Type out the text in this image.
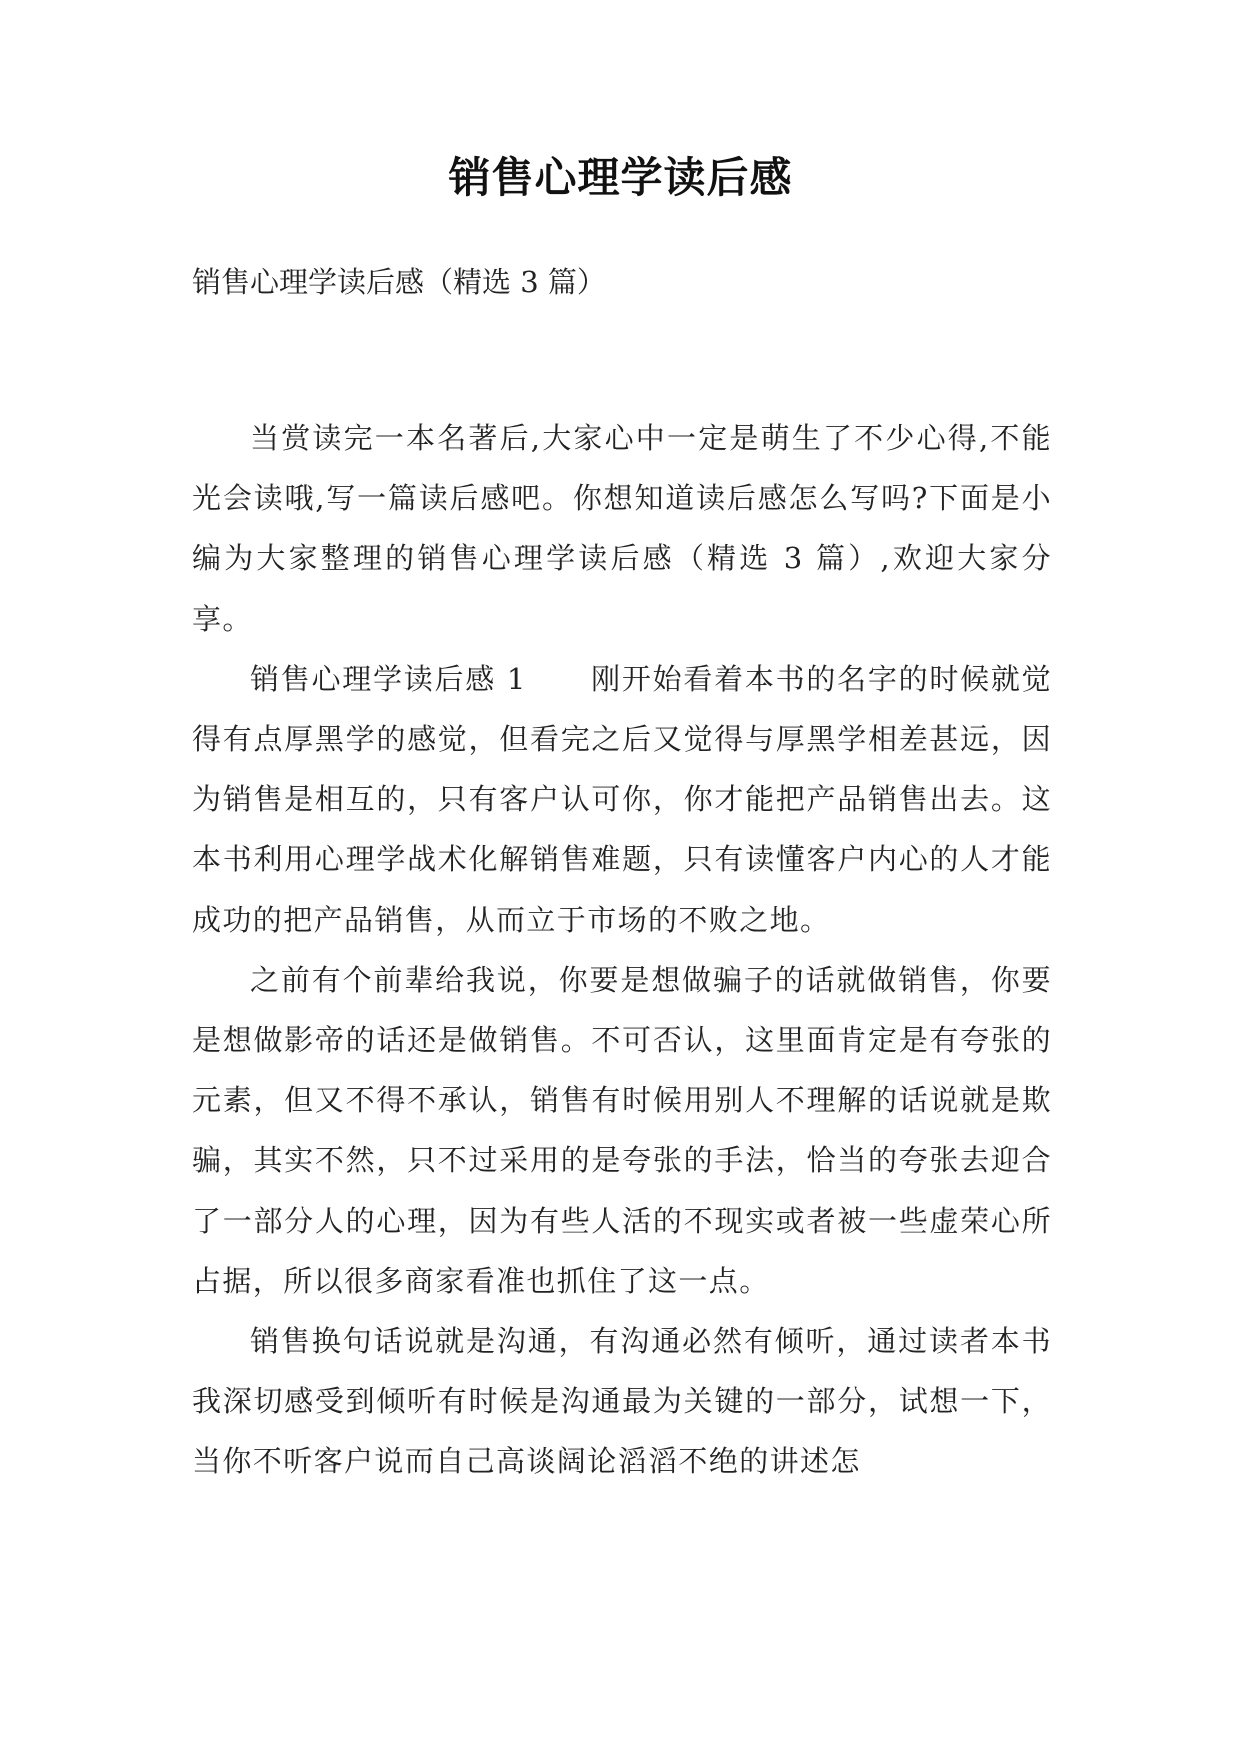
销售心理学读后感
销售心理学读后感（精选 3 篇）

当赏读完一本名著后,大家心中一定是萌生了不少心得,不能光会读哦,写一篇读后感吧。你想知道读后感怎么写吗?下面是小编为大家整理的销售心理学读后感（精选 3 篇）,欢迎大家分享。

销售心理学读后感 1 刚开始看着本书的名字的时候就觉得有点厚黑学的感觉，但看完之后又觉得与厚黑学相差甚远，因为销售是相互的，只有客户认可你，你才能把产品销售出去。这本书利用心理学战术化解销售难题，只有读懂客户内心的人才能成功的把产品销售，从而立于市场的不败之地。

之前有个前辈给我说，你要是想做骗子的话就做销售，你要是想做影帝的话还是做销售。不可否认，这里面肯定是有夸张的元素，但又不得不承认，销售有时候用别人不理解的话说就是欺骗，其实不然，只不过采用的是夸张的手法，恰当的夸张去迎合了一部分人的心理，因为有些人活的不现实或者被一些虚荣心所占据，所以很多商家看准也抓住了这一点。

销售换句话说就是沟通，有沟通必然有倾听，通过读者本书我深切感受到倾听有时候是沟通最为关键的一部分，试想一下，当你不听客户说而自己高谈阔论滔滔不绝的讲述怎
